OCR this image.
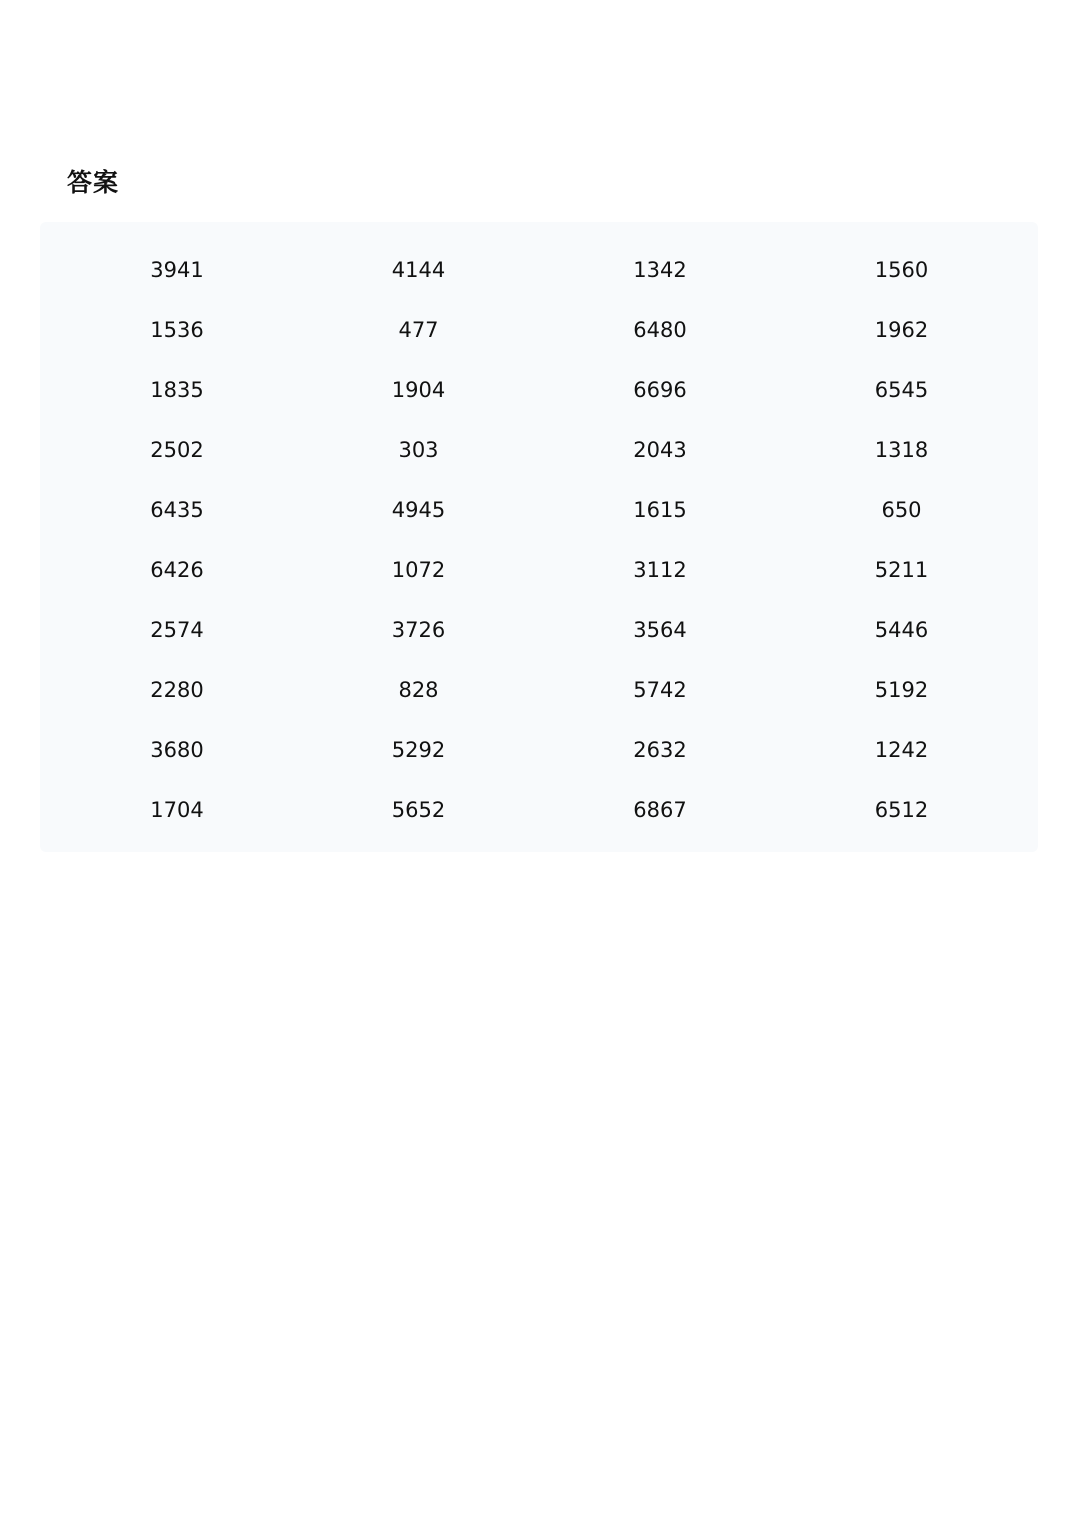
答案
3941	4144	1342	1560
1536	477	6480	1962
1835	1904	6696	6545
2502	303	2043	1318
6435	4945	1615	650
6426	1072	3112	5211
2574	3726	3564	5446
2280	828	5742	5192
3680	5292	2632	1242
1704	5652	6867	6512
